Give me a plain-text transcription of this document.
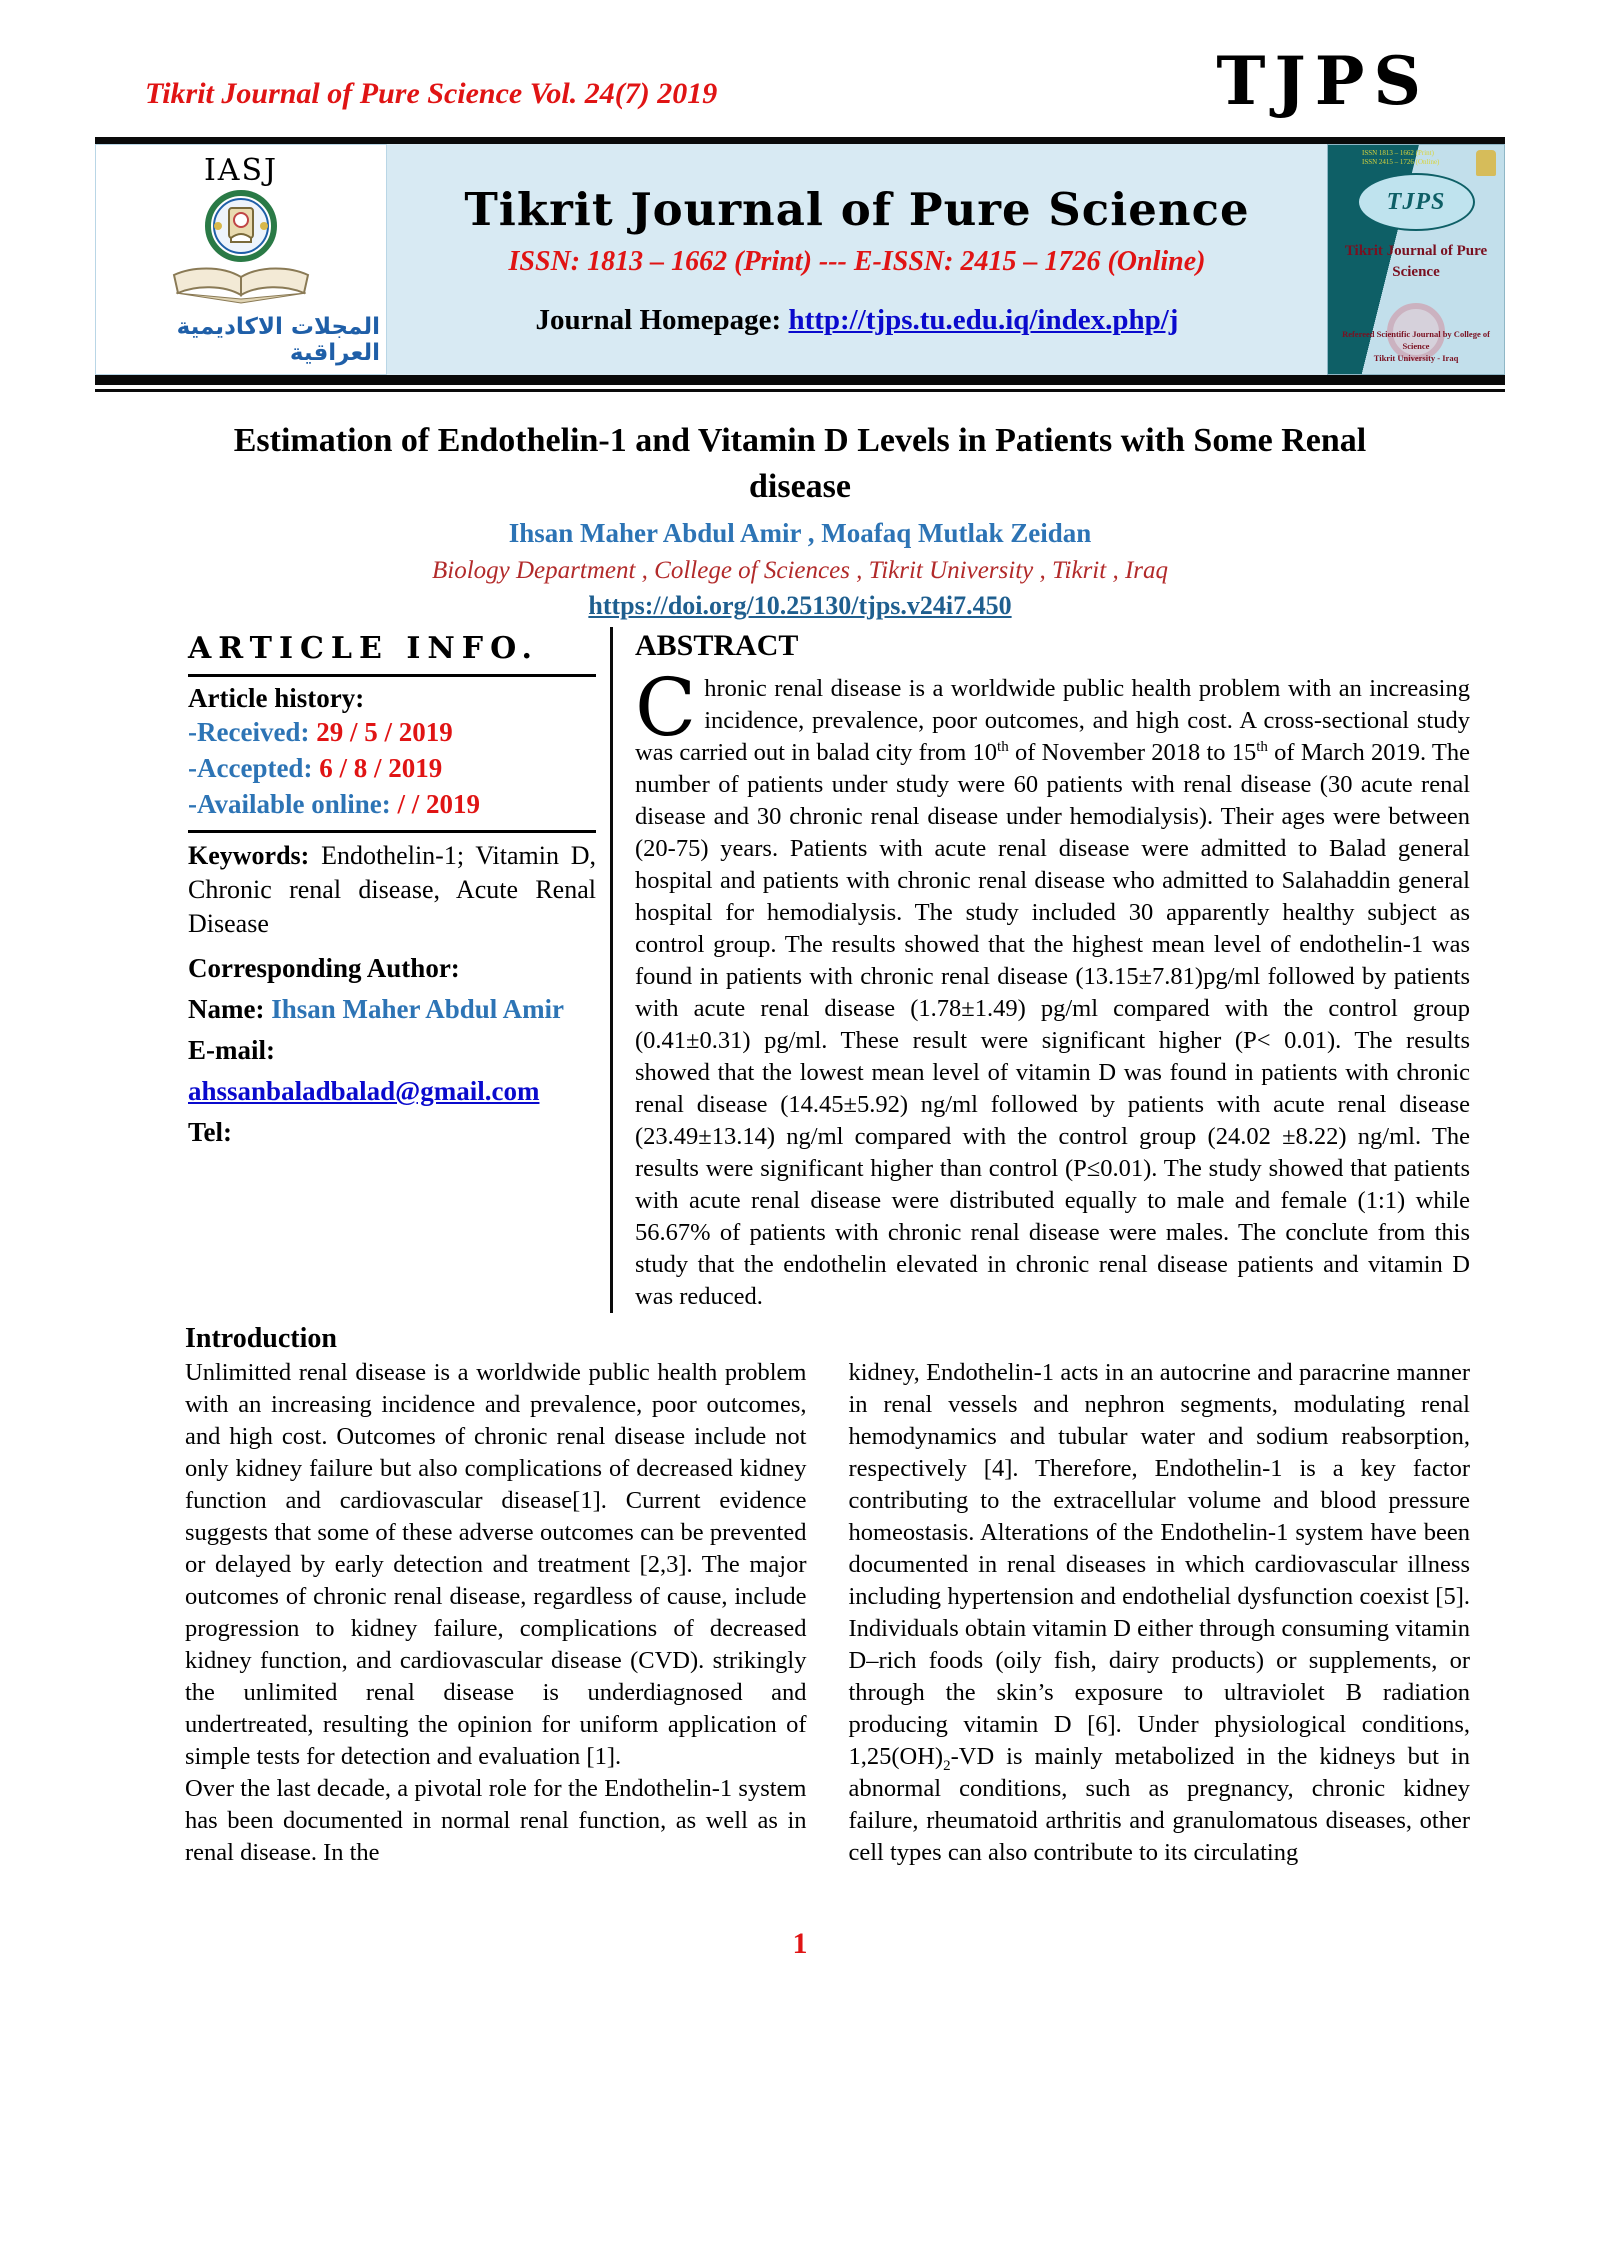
Tikrit Journal of Pure Science Vol. 24(7) 2019	TJPS
IASJ
المجلات الاكاديمية العراقية
Tikrit Journal of Pure Science
ISSN: 1813 – 1662 (Print) --- E-ISSN: 2415 – 1726 (Online)
Journal Homepage: http://tjps.tu.edu.iq/index.php/j
ISSN 1813 – 1662 (Print)
ISSN 2415 – 1726 (Online)
TJPS
Tikrit Journal of Pure Science
Refereed Scientific Journal by College of Science
Tikrit University - Iraq
Estimation of Endothelin-1 and Vitamin D Levels in Patients with Some Renal disease
Ihsan Maher Abdul Amir , Moafaq Mutlak Zeidan
Biology Department , College of Sciences , Tikrit University , Tikrit , Iraq
https://doi.org/10.25130/tjps.v24i7.450
ARTICLE INFO.
Article history:
-Received: 29 / 5 / 2019
-Accepted: 6 / 8 / 2019
-Available online: / / 2019

Keywords: Endothelin-1; Vitamin D, Chronic renal disease, Acute Renal Disease

Corresponding Author:
Name: Ihsan Maher Abdul Amir
E-mail:
ahssanbaladbalad@gmail.com
Tel:
ABSTRACT

Chronic renal disease is a worldwide public health problem with an increasing incidence, prevalence, poor outcomes, and high cost. A cross-sectional study was carried out in balad city from 10th of November 2018 to 15th of March 2019. The number of patients under study were 60 patients with renal disease (30 acute renal disease and 30 chronic renal disease under hemodialysis). Their ages were between (20-75) years. Patients with acute renal disease were admitted to Balad general hospital and patients with chronic renal disease who admitted to Salahaddin general hospital for hemodialysis. The study included 30 apparently healthy subject as control group. The results showed that the highest mean level of endothelin-1 was found in patients with chronic renal disease (13.15±7.81)pg/ml followed by patients with acute renal disease (1.78±1.49) pg/ml compared with the control group (0.41±0.31) pg/ml. These result were significant higher (P< 0.01). The results showed that the lowest mean level of vitamin D was found in patients with chronic renal disease (14.45±5.92) ng/ml followed by patients with acute renal disease (23.49±13.14) ng/ml compared with the control group (24.02 ±8.22) ng/ml. The results were significant higher than control (P≤0.01). The study showed that patients with acute renal disease were distributed equally to male and female (1:1) while 56.67% of patients with chronic renal disease were males. The conclute from this study that the endothelin elevated in chronic renal disease patients and vitamin D was reduced.

Introduction

Unlimitted renal disease is a worldwide public health problem with an increasing incidence and prevalence, poor outcomes, and high cost. Outcomes of chronic renal disease include not only kidney failure but also complications of decreased kidney function and cardiovascular disease[1]. Current evidence suggests that some of these adverse outcomes can be prevented or delayed by early detection and treatment [2,3]. The major outcomes of chronic renal disease, regardless of cause, include progression to kidney failure, complications of decreased kidney function, and cardiovascular disease (CVD). strikingly the unlimited renal disease is underdiagnosed and undertreated, resulting the opinion for uniform application of simple tests for detection and evaluation [1].

Over the last decade, a pivotal role for the Endothelin-1 system has been documented in normal renal function, as well as in renal disease. In the

kidney, Endothelin-1 acts in an autocrine and paracrine manner in renal vessels and nephron segments, modulating renal hemodynamics and tubular water and sodium reabsorption, respectively [4]. Therefore, Endothelin-1 is a key factor contributing to the extracellular volume and blood pressure homeostasis. Alterations of the Endothelin-1 system have been documented in renal diseases in which cardiovascular illness including hypertension and endothelial dysfunction coexist [5]. Individuals obtain vitamin D either through consuming vitamin D–rich foods (oily fish, dairy products) or supplements, or through the skin’s exposure to ultraviolet B radiation producing vitamin D [6]. Under physiological conditions, $1,25(OH)_2-VD$ is mainly metabolized in the kidneys but in abnormal conditions, such as pregnancy, chronic kidney failure, rheumatoid arthritis and granulomatous diseases, other cell types can also contribute to its circulating

1
